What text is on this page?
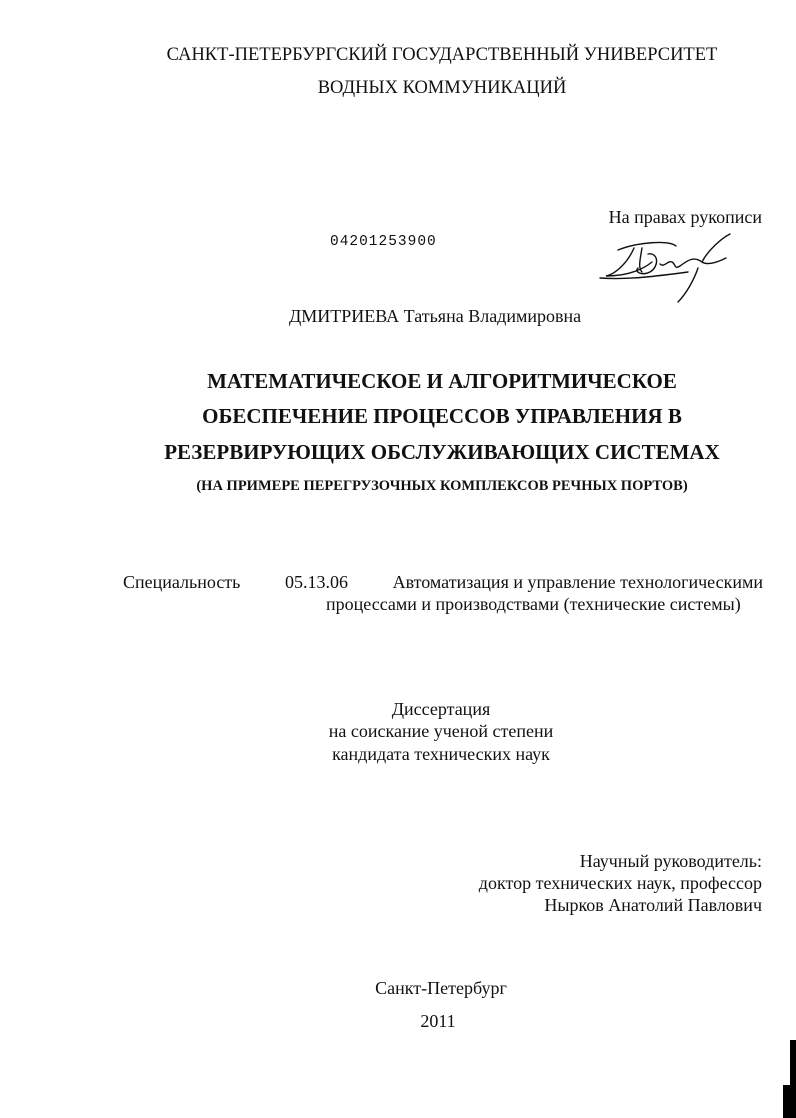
САНКТ-ПЕТЕРБУРГСКИЙ ГОСУДАРСТВЕННЫЙ УНИВЕРСИТЕТ
ВОДНЫХ КОММУНИКАЦИЙ
На правах рукописи
04201253900
ДМИТРИЕВА Татьяна Владимировна
МАТЕМАТИЧЕСКОЕ И АЛГОРИТМИЧЕСКОЕ
ОБЕСПЕЧЕНИЕ ПРОЦЕССОВ УПРАВЛЕНИЯ В
РЕЗЕРВИРУЮЩИХ ОБСЛУЖИВАЮЩИХ СИСТЕМАХ
(НА ПРИМЕРЕ ПЕРЕГРУЗОЧНЫХ КОМПЛЕКСОВ РЕЧНЫХ ПОРТОВ)
Специальность 05.13.06 Автоматизация и управление технологическими
процессами и производствами (технические системы)
Диссертация
на соискание ученой степени
кандидата технических наук
Научный руководитель:
доктор технических наук, профессор
Нырков Анатолий Павлович
Санкт-Петербург
2011
